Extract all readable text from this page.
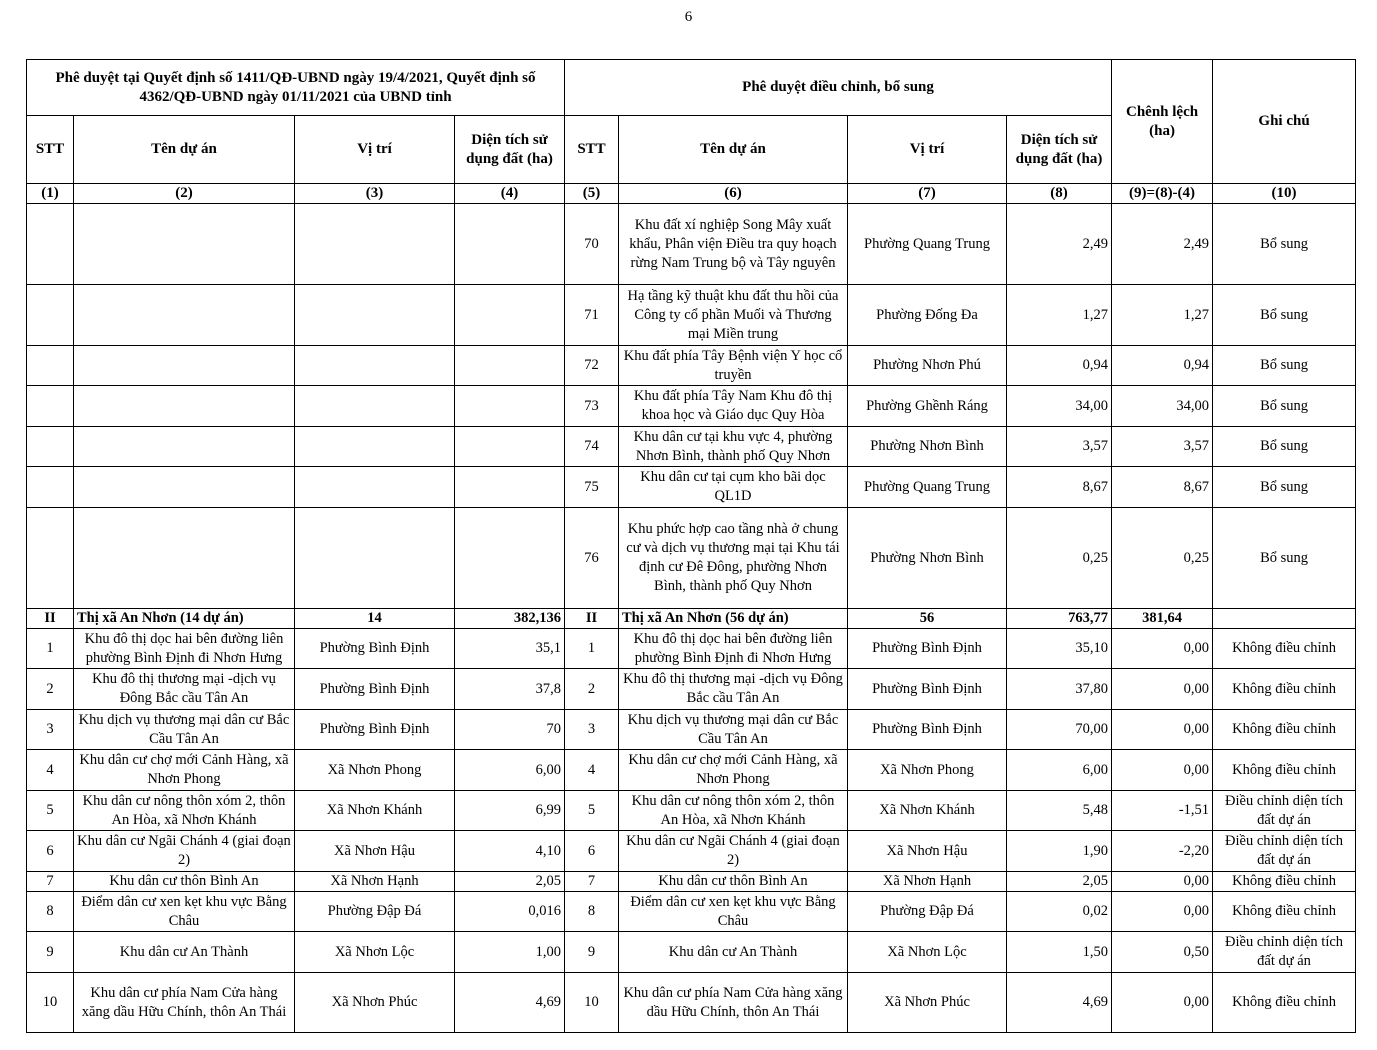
6
Phê duyệt tại Quyết định số 1411/QĐ-UBND ngày 19/4/2021, Quyết định số 4362/QĐ-UBND ngày 01/11/2021 của UBND tỉnh				Phê duyệt điều chỉnh, bổ sung				Chênh lệch (ha)	Ghi chú
STT	Tên dự án	Vị trí	Diện tích sử dụng đất (ha)	STT	Tên dự án	Vị trí	Diện tích sử dụng đất (ha)		
(1)	(2)	(3)	(4)	(5)	(6)	(7)	(8)	(9)=(8)-(4)	(10)
				70	Khu đất xí nghiệp Song Mây xuất khẩu, Phân viện Điều tra quy hoạch rừng Nam Trung bộ và Tây nguyên	Phường Quang Trung	2,49	2,49	Bổ sung
				71	Hạ tầng kỹ thuật khu đất thu hồi của Công ty cổ phần Muối và Thương mại Miền trung	Phường Đống Đa	1,27	1,27	Bổ sung
				72	Khu đất phía Tây Bệnh viện Y học cổ truyền	Phường Nhơn Phú	0,94	0,94	Bổ sung
				73	Khu đất phía Tây Nam Khu đô thị khoa học và Giáo dục Quy Hòa	Phường Ghềnh Ráng	34,00	34,00	Bổ sung
				74	Khu dân cư tại khu vực 4, phường Nhơn Bình, thành phố Quy Nhơn	Phường Nhơn Bình	3,57	3,57	Bổ sung
				75	Khu dân cư tại cụm kho bãi dọc QL1D	Phường Quang Trung	8,67	8,67	Bổ sung
				76	Khu phức hợp cao tầng nhà ở chung cư và dịch vụ thương mại tại Khu tái định cư Đê Đông, phường Nhơn Bình, thành phố Quy Nhơn	Phường Nhơn Bình	0,25	0,25	Bổ sung
II	Thị xã An Nhơn (14 dự án)	14	382,136	II	Thị xã An Nhơn (56 dự án)	56	763,77	381,64	
1	Khu đô thị dọc hai bên đường liên phường Bình Định đi Nhơn Hưng	Phường Bình Định	35,1	1	Khu đô thị dọc hai bên đường liên phường Bình Định đi Nhơn Hưng	Phường Bình Định	35,10	0,00	Không điều chỉnh
2	Khu đô thị thương mại -dịch vụ Đông Bắc cầu Tân An	Phường Bình Định	37,8	2	Khu đô thị thương mại -dịch vụ Đông Bắc cầu Tân An	Phường Bình Định	37,80	0,00	Không điều chỉnh
3	Khu dịch vụ thương mại dân cư Bắc Cầu Tân An	Phường Bình Định	70	3	Khu dịch vụ thương mại dân cư Bắc Cầu Tân An	Phường Bình Định	70,00	0,00	Không điều chỉnh
4	Khu dân cư chợ mới Cảnh Hàng, xã Nhơn Phong	Xã Nhơn Phong	6,00	4	Khu dân cư chợ mới Cảnh Hàng, xã Nhơn Phong	Xã Nhơn Phong	6,00	0,00	Không điều chỉnh
5	Khu dân cư nông thôn xóm 2, thôn An Hòa, xã Nhơn Khánh	Xã Nhơn Khánh	6,99	5	Khu dân cư nông thôn xóm 2, thôn An Hòa, xã Nhơn Khánh	Xã Nhơn Khánh	5,48	-1,51	Điều chỉnh diện tích đất dự án
6	Khu dân cư Ngãi Chánh 4 (giai đoạn 2)	Xã Nhơn Hậu	4,10	6	Khu dân cư Ngãi Chánh 4 (giai đoạn 2)	Xã Nhơn Hậu	1,90	-2,20	Điều chỉnh diện tích đất dự án
7	Khu dân cư thôn Bình An	Xã Nhơn Hạnh	2,05	7	Khu dân cư thôn Bình An	Xã Nhơn Hạnh	2,05	0,00	Không điều chỉnh
8	Điểm dân cư xen kẹt khu vực Bằng Châu	Phường Đập Đá	0,016	8	Điểm dân cư xen kẹt khu vực Bằng Châu	Phường Đập Đá	0,02	0,00	Không điều chỉnh
9	Khu dân cư An Thành	Xã Nhơn Lộc	1,00	9	Khu dân cư An Thành	Xã Nhơn Lộc	1,50	0,50	Điều chỉnh diện tích đất dự án
10	Khu dân cư phía Nam Cửa hàng xăng dầu Hữu Chính, thôn An Thái	Xã Nhơn Phúc	4,69	10	Khu dân cư phía Nam Cửa hàng xăng dầu Hữu Chính, thôn An Thái	Xã Nhơn Phúc	4,69	0,00	Không điều chỉnh
